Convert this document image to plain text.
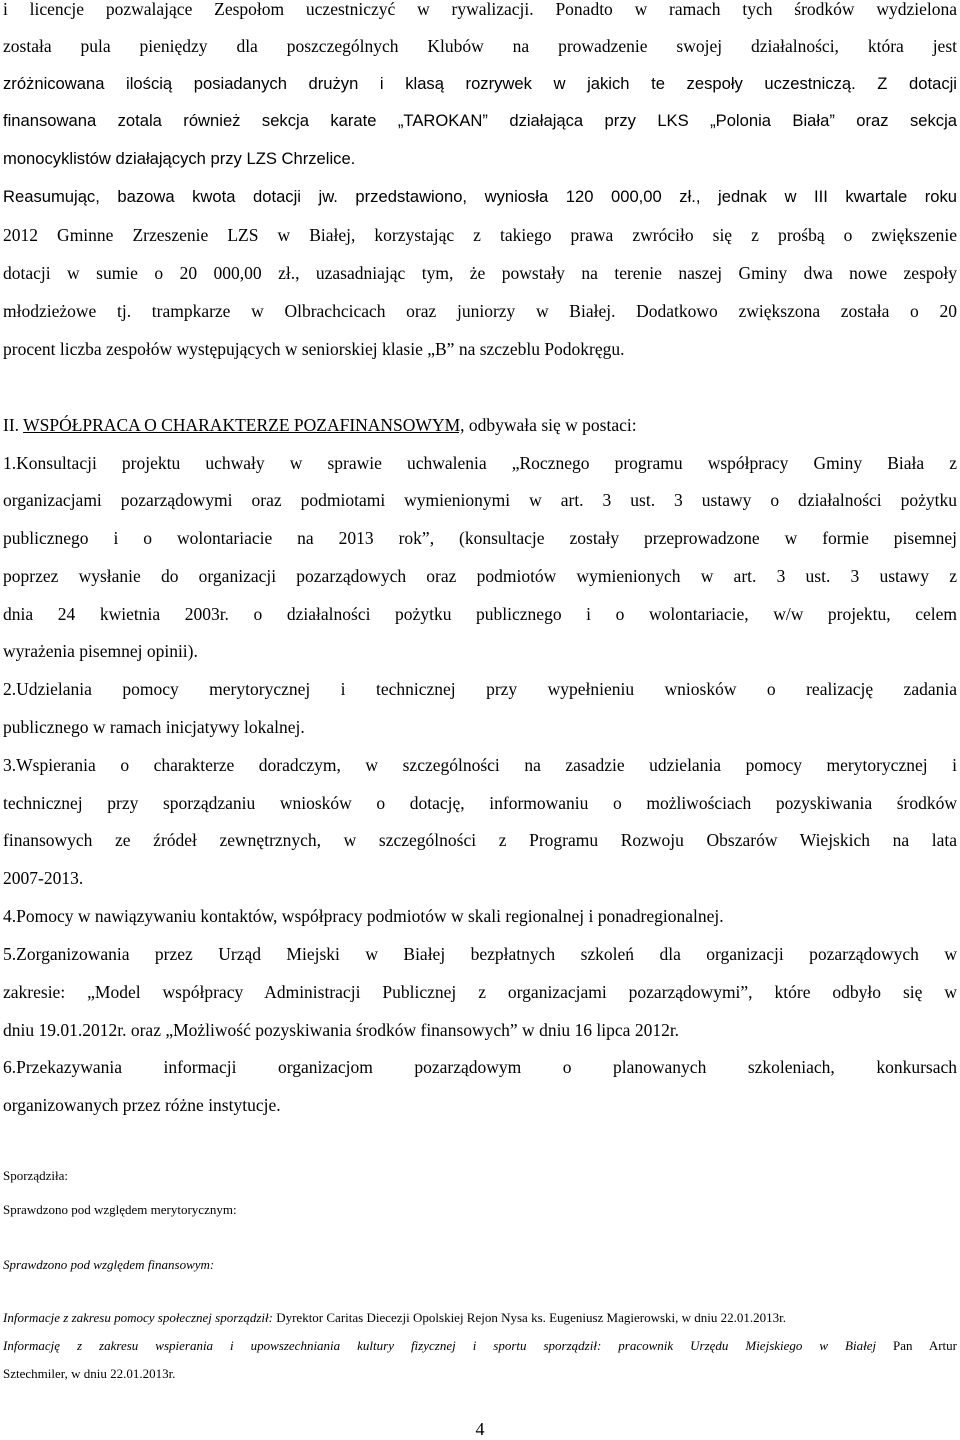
i licencje pozwalające Zespołom uczestniczyć w rywalizacji. Ponadto w ramach tych środków wydzielona
została pula pieniędzy dla poszczególnych Klubów na prowadzenie swojej działalności, która jest
zróżnicowana ilością posiadanych drużyn i klasą rozrywek w jakich te zespoły uczestniczą. Z dotacji
finansowana zotala również sekcja karate „TAROKAN” działająca przy LKS „Polonia Biała” oraz sekcja
monocyklistów działających przy LZS Chrzelice.
Reasumując, bazowa kwota dotacji jw. przedstawiono, wyniosła 120 000,00 zł., jednak w III kwartale roku
2012 Gminne Zrzeszenie LZS w Białej, korzystając z takiego prawa zwróciło się z prośbą o zwiększenie
dotacji w sumie o 20 000,00 zł., uzasadniając tym, że powstały na terenie naszej Gminy dwa nowe zespoły
młodzieżowe tj. trampkarze w Olbrachcicach oraz juniorzy w Białej. Dodatkowo zwiększona została o 20
procent liczba zespołów występujących w seniorskiej klasie „B” na szczeblu Podokręgu.
II. WSPÓŁPRACA O CHARAKTERZE POZAFINANSOWYM, odbywała się w postaci:
1.Konsultacji projektu uchwały w sprawie uchwalenia „Rocznego programu współpracy Gminy Biała z
organizacjami pozarządowymi oraz podmiotami wymienionymi w art. 3 ust. 3 ustawy o działalności pożytku
publicznego i o wolontariacie na 2013 rok”, (konsultacje zostały przeprowadzone w formie pisemnej
poprzez wysłanie do organizacji pozarządowych oraz podmiotów wymienionych w art. 3 ust. 3 ustawy z
dnia 24 kwietnia 2003r. o działalności pożytku publicznego i o wolontariacie, w/w projektu, celem
wyrażenia pisemnej opinii).
2.Udzielania pomocy merytorycznej i technicznej przy wypełnieniu wniosków o realizację zadania
publicznego w ramach inicjatywy lokalnej.
3.Wspierania o charakterze doradczym, w szczególności na zasadzie udzielania pomocy merytorycznej i
technicznej przy sporządzaniu wniosków o dotację, informowaniu o możliwościach pozyskiwania środków
finansowych ze źródeł zewnętrznych, w szczególności z Programu Rozwoju Obszarów Wiejskich na lata
2007-2013.
4.Pomocy w nawiązywaniu kontaktów, współpracy podmiotów w skali regionalnej i ponadregionalnej.
5.Zorganizowania przez Urząd Miejski w Białej bezpłatnych szkoleń dla organizacji pozarządowych w
zakresie: „Model współpracy Administracji Publicznej z organizacjami pozarządowymi”, które odbyło się w
dniu 19.01.2012r. oraz „Możliwość pozyskiwania środków finansowych” w dniu 16 lipca 2012r.
6.Przekazywania informacji organizacjom pozarządowym o planowanych szkoleniach, konkursach
organizowanych przez różne instytucje.
Sporządziła:
Sprawdzono pod względem merytorycznym:
Sprawdzono pod względem finansowym:
Informacje z zakresu pomocy społecznej sporządził: Dyrektor Caritas Diecezji Opolskiej Rejon Nysa ks. Eugeniusz Magierowski, w dniu 22.01.2013r.
Informację z zakresu wspierania i upowszechniania kultury fizycznej i sportu sporządził: pracownik Urzędu Miejskiego w Białej Pan Artur
Sztechmiler, w dniu 22.01.2013r.
4
